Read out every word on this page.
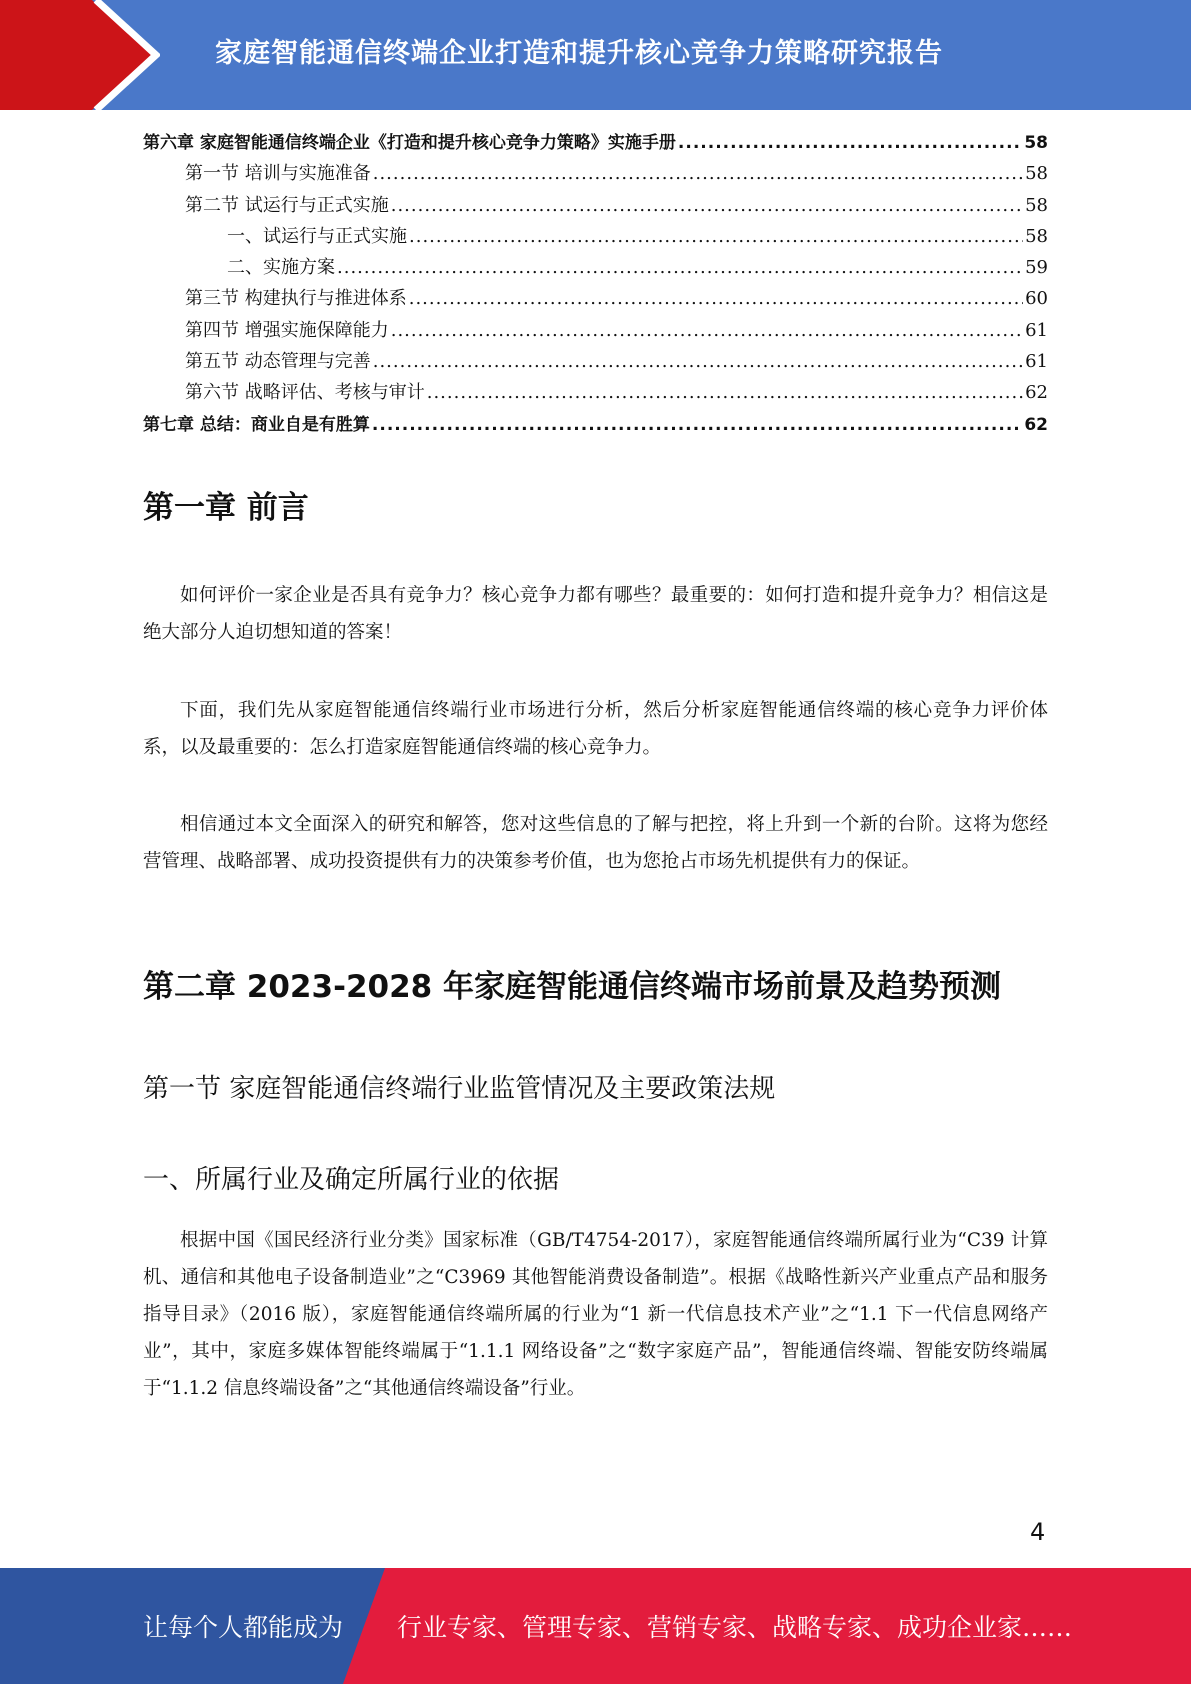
家庭智能通信终端企业打造和提升核心竞争力策略研究报告
第六章 家庭智能通信终端企业《打造和提升核心竞争力策略》实施手册 .....	58
第一节 培训与实施准备 .....	58
第二节 试运行与正式实施 .....	58
一、试运行与正式实施 .....	58
二、实施方案 .....	59
第三节 构建执行与推进体系 .....	60
第四节 增强实施保障能力 .....	61
第五节 动态管理与完善 .....	61
第六节 战略评估、考核与审计 .....	62
第七章 总结：商业自是有胜算 .....	62
第一章 前言
如何评价一家企业是否具有竞争力？核心竞争力都有哪些？最重要的：如何打造和提升竞争力？相信这是绝大部分人迫切想知道的答案！
下面，我们先从家庭智能通信终端行业市场进行分析，然后分析家庭智能通信终端的核心竞争力评价体系，以及最重要的：怎么打造家庭智能通信终端的核心竞争力。
相信通过本文全面深入的研究和解答，您对这些信息的了解与把控，将上升到一个新的台阶。这将为您经营管理、战略部署、成功投资提供有力的决策参考价值，也为您抢占市场先机提供有力的保证。
第二章 2023-2028 年家庭智能通信终端市场前景及趋势预测
第一节 家庭智能通信终端行业监管情况及主要政策法规
一、所属行业及确定所属行业的依据
根据中国《国民经济行业分类》国家标准（GB/T4754-2017），家庭智能通信终端所属行业为“C39 计算机、通信和其他电子设备制造业”之“C3969 其他智能消费设备制造”。根据《战略性新兴产业重点产品和服务指导目录》（2016 版），家庭智能通信终端所属的行业为“1 新一代信息技术产业”之“1.1 下一代信息网络产业”，其中，家庭多媒体智能终端属于“1.1.1 网络设备”之“数字家庭产品”，智能通信终端、智能安防终端属于“1.1.2 信息终端设备”之“其他通信终端设备”行业。
4
让每个人都能成为 行业专家、管理专家、营销专家、战略专家、成功企业家……
